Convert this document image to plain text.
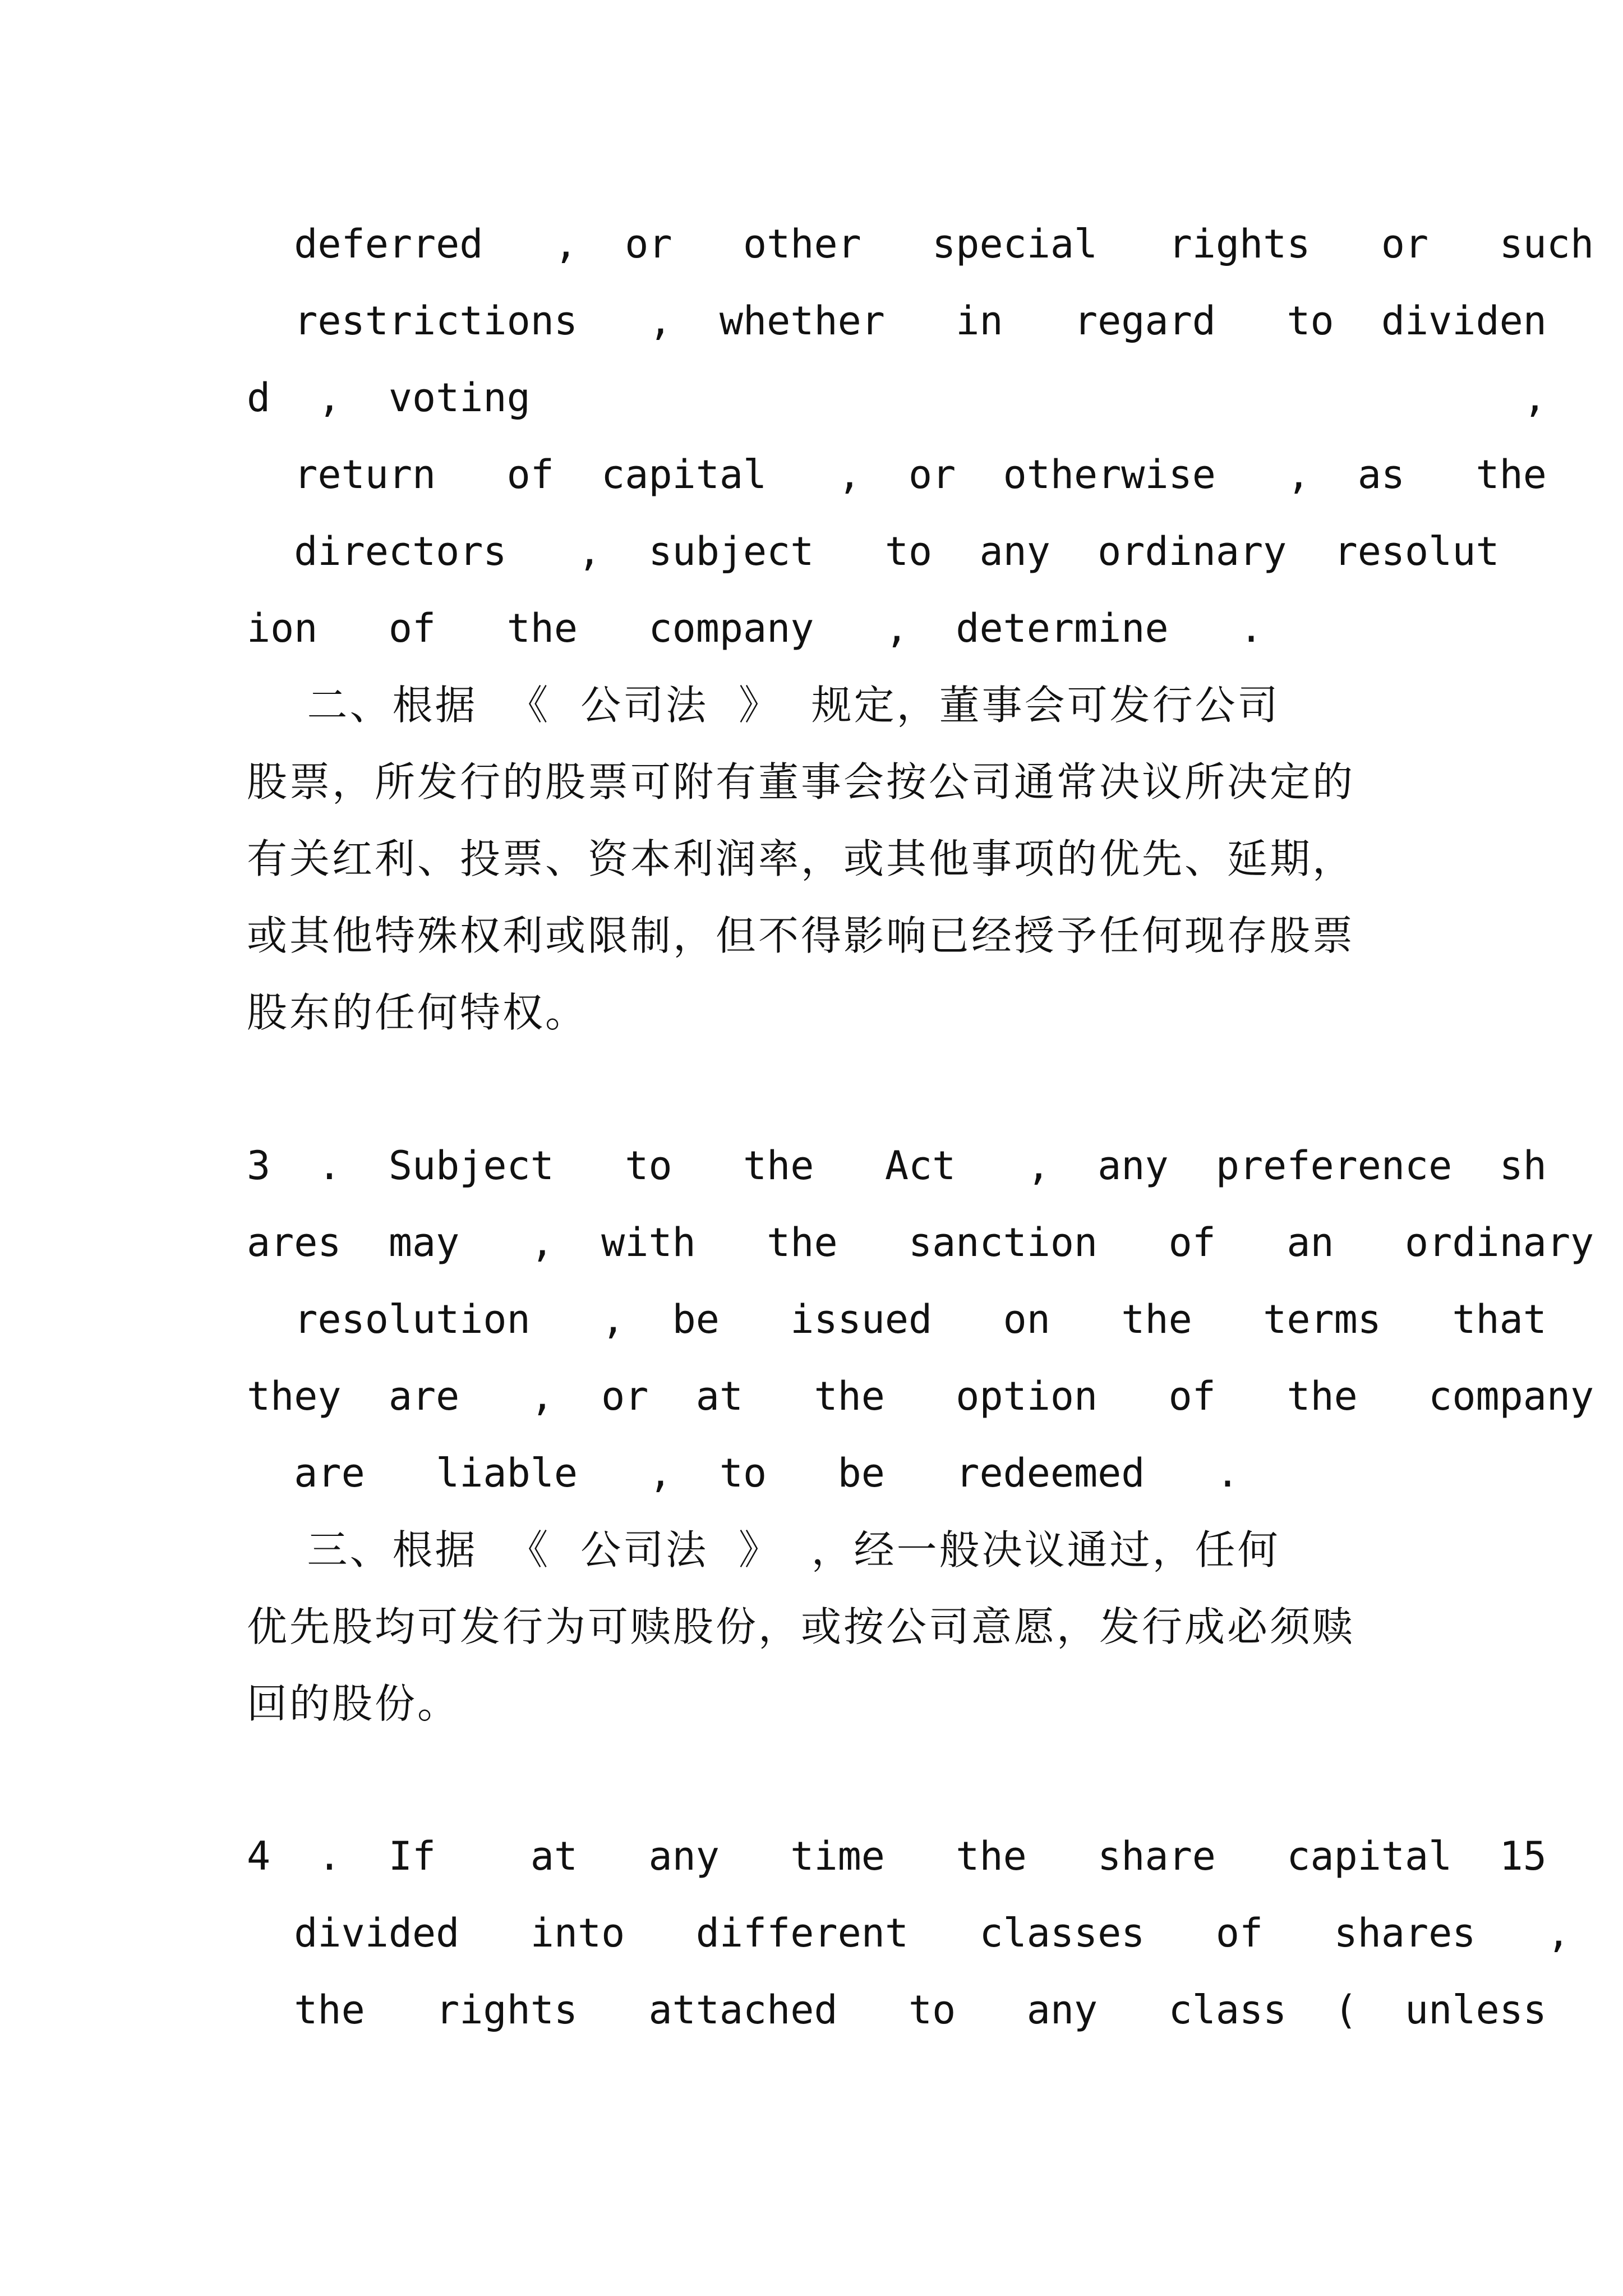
deferred   ,  or   other   special   rights   or   such
restrictions   ,  whether   in   regard   to  dividen
d  ,  voting                                          ,
return   of  capital   ,  or  otherwise   ,  as   the
directors   ,  subject   to  any  ordinary  resolut
ion   of   the   company   ,  determine   .
二、根据  《  公司法  》  规定，董事会可发行公司
股票，所发行的股票可附有董事会按公司通常决议所决定的
有关红利、投票、资本利润率，或其他事项的优先、延期，
或其他特殊权利或限制，但不得影响已经授予任何现存股票
股东的任何特权。
3  .  Subject   to   the   Act   ,  any  preference  sh
ares  may   ,  with   the   sanction   of   an   ordinary
resolution   ,  be   issued   on   the   terms   that
they  are   ,  or  at   the   option   of   the   company
are   liable   ,  to   be   redeemed   .
三、根据  《  公司法  》  ，经一般决议通过，任何
优先股均可发行为可赎股份，或按公司意愿，发行成必须赎
回的股份。
4  .  If    at   any   time   the   share   capital  15
divided   into   different   classes   of   shares   ,
the   rights   attached   to   any   class  (  unless
